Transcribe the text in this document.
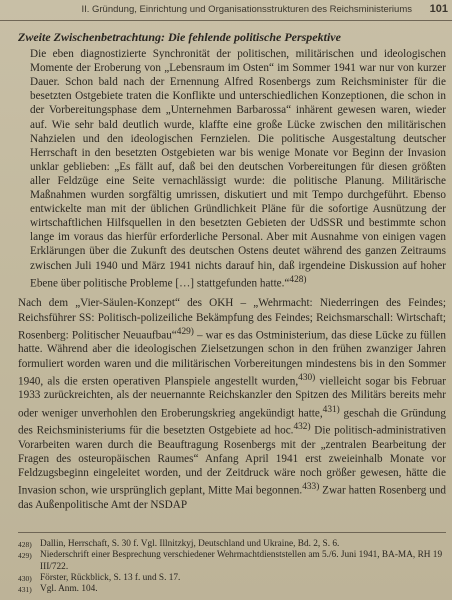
II. Gründung, Einrichtung und Organisationsstrukturen des Reichsministeriums 101
Zweite Zwischenbetrachtung: Die fehlende politische Perspektive

Die eben diagnostizierte Synchronität der politischen, militärischen und ideologischen Momente der Eroberung von „Lebensraum im Osten“ im Sommer 1941 war nur von kurzer Dauer. Schon bald nach der Ernennung Alfred Rosenbergs zum Reichsminister für die besetzten Ostgebiete traten die Konflikte und unterschiedlichen Konzeptionen, die schon in der Vorbereitungsphase dem „Unternehmen Barbarossa“ inhärent gewesen waren, wieder auf. Wie sehr bald deutlich wurde, klaffte eine große Lücke zwischen den militärischen Nahzielen und den ideologischen Fernzielen. Die politische Ausgestaltung deutscher Herrschaft in den besetzten Ostgebieten war bis wenige Monate vor Beginn der Invasion unklar geblieben: „Es fällt auf, daß bei den deutschen Vorbereitungen für diesen größten aller Feldzüge eine Seite vernachlässigt wurde: die politische Planung. Militärische Maßnahmen wurden sorgfältig umrissen, diskutiert und mit Tempo durchgeführt. Ebenso entwickelte man mit der üblichen Gründlichkeit Pläne für die sofortige Ausnützung der wirtschaftlichen Hilfsquellen in den besetzten Gebieten der UdSSR und bestimmte schon lange im voraus das hierfür erforderliche Personal. Aber mit Ausnahme von einigen vagen Erklärungen über die Zukunft des deutschen Ostens deutet während des ganzen Zeitraums zwischen Juli 1940 und März 1941 nichts darauf hin, daß irgendeine Diskussion auf hoher Ebene über politische Probleme […] stattgefunden hatte.“$^{428)}$

Nach dem „Vier-Säulen-Konzept“ des OKH – „Wehrmacht: Niederringen des Feindes; Reichsführer SS: Politisch-polizeiliche Bekämpfung des Feindes; Reichsmarschall: Wirtschaft; Rosenberg: Politischer Neuaufbau“$^{429)}$ – war es das Ostministerium, das diese Lücke zu füllen hatte. Während aber die ideologischen Zielsetzungen schon in den frühen zwanziger Jahren formuliert worden waren und die militärischen Vorbereitungen mindestens bis in den Sommer 1940, als die ersten operativen Planspiele angestellt wurden,$^{430)}$ vielleicht sogar bis Februar 1933 zurückreichten, als der neuernannte Reichskanzler den Spitzen des Militärs bereits mehr oder weniger unverhohlen den Eroberungskrieg angekündigt hatte,$^{431)}$ geschah die Gründung des Reichsministeriums für die besetzten Ostgebiete ad hoc.$^{432)}$ Die politisch-administrativen Vorarbeiten waren durch die Beauftragung Rosenbergs mit der „zentralen Bearbeitung der Fragen des osteuropäischen Raumes“ Anfang April 1941 erst zweieinhalb Monate vor Feldzugsbeginn eingeleitet worden, und der Zeitdruck wäre noch größer gewesen, hätte die Invasion schon, wie ursprünglich geplant, Mitte Mai begonnen.$^{433)}$ Zwar hatten Rosenberg und das Außenpolitische Amt der NSDAP

428) Dallin, Herrschaft, S. 30 f. Vgl. Illnitzkyj, Deutschland und Ukraine, Bd. 2, S. 6.

429) Niederschrift einer Besprechung verschiedener Wehrmachtdienststellen am 5./6. Juni 1941, BA-MA, RH 19 III/722.

430) Förster, Rückblick, S. 13 f. und S. 17.

431) Vgl. Anm. 104.
